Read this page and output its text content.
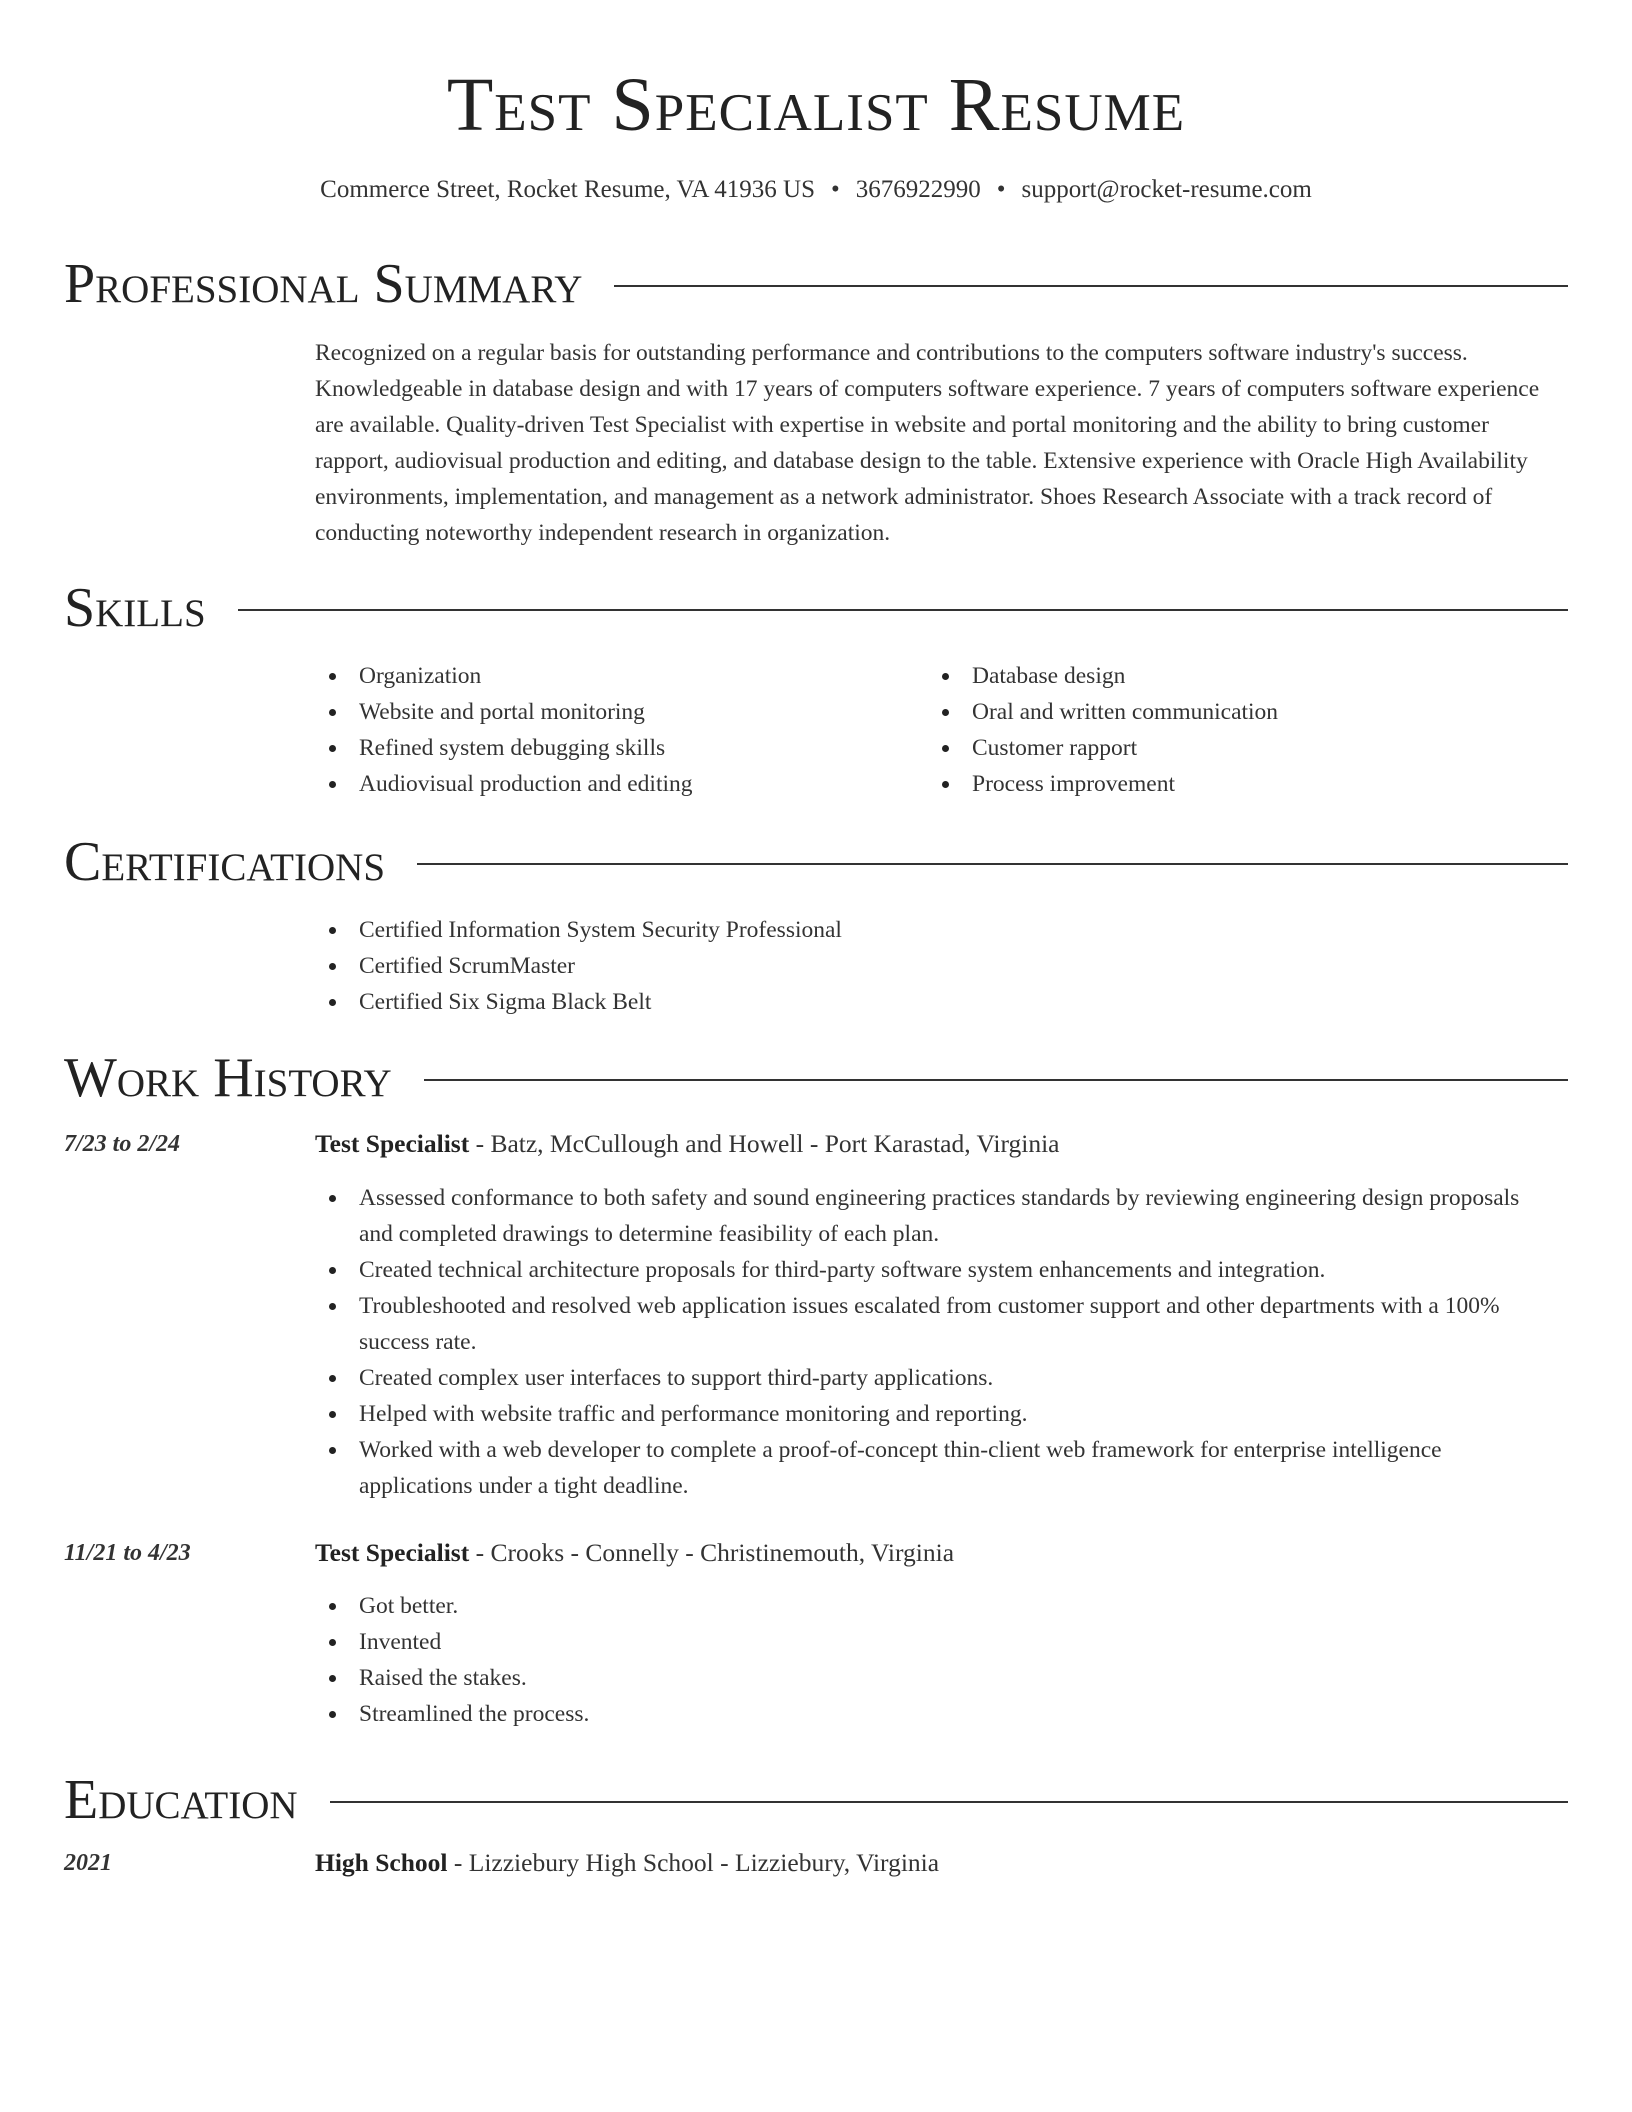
Test Specialist Resume
Commerce Street, Rocket Resume, VA 41936 US • 3676922990 • support@rocket-resume.com
Professional Summary
Recognized on a regular basis for outstanding performance and contributions to the computers software industry's success. Knowledgeable in database design and with 17 years of computers software experience. 7 years of computers software experience are available. Quality-driven Test Specialist with expertise in website and portal monitoring and the ability to bring customer rapport, audiovisual production and editing, and database design to the table. Extensive experience with Oracle High Availability environments, implementation, and management as a network administrator. Shoes Research Associate with a track record of conducting noteworthy independent research in organization.
Skills
Organization
Website and portal monitoring
Refined system debugging skills
Audiovisual production and editing
Database design
Oral and written communication
Customer rapport
Process improvement
Certifications
Certified Information System Security Professional
Certified ScrumMaster
Certified Six Sigma Black Belt
Work History
7/23 to 2/24	Test Specialist - Batz, McCullough and Howell - Port Karastad, Virginia
Assessed conformance to both safety and sound engineering practices standards by reviewing engineering design proposals and completed drawings to determine feasibility of each plan.
Created technical architecture proposals for third-party software system enhancements and integration.
Troubleshooted and resolved web application issues escalated from customer support and other departments with a 100% success rate.
Created complex user interfaces to support third-party applications.
Helped with website traffic and performance monitoring and reporting.
Worked with a web developer to complete a proof-of-concept thin-client web framework for enterprise intelligence applications under a tight deadline.
11/21 to 4/23	Test Specialist - Crooks - Connelly - Christinemouth, Virginia
Got better.
Invented
Raised the stakes.
Streamlined the process.
Education
2021	High School - Lizziebury High School - Lizziebury, Virginia
